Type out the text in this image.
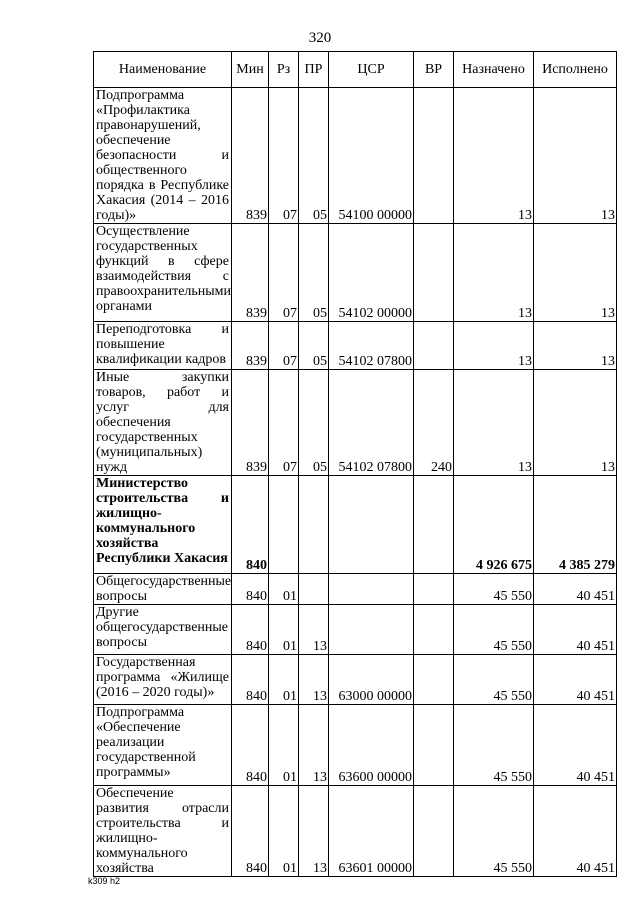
320
Наименование	Мин	Рз	ПР	ЦСР	ВР	Назначено	Исполнено
Подпрограмма «Профилактика правонарушений, обеспечение безопасности и общественного порядка в Республике Хакасия (2014 – 2016 годы)»	839	07	05	54100 00000		13	13
Осуществление государственных функций в сфере взаимодействия с правоохранительными органами	839	07	05	54102 00000		13	13
Переподготовка и повышение квалификации кадров	839	07	05	54102 07800		13	13
Иные закупки товаров, работ и услуг для обеспечения государственных (муниципальных) нужд	839	07	05	54102 07800	240	13	13
Министерство строительства и жилищно-коммунального хозяйства Республики Хакасия	840					4 926 675	4 385 279
Общегосударственные вопросы	840	01				45 550	40 451
Другие общегосударственные вопросы	840	01	13			45 550	40 451
Государственная программа «Жилище (2016 – 2020 годы)»	840	01	13	63000 00000		45 550	40 451
Подпрограмма «Обеспечение реализации государственной программы»	840	01	13	63600 00000		45 550	40 451
Обеспечение развития отрасли строительства и жилищно-коммунального хозяйства	840	01	13	63601 00000		45 550	40 451
k309 h2
